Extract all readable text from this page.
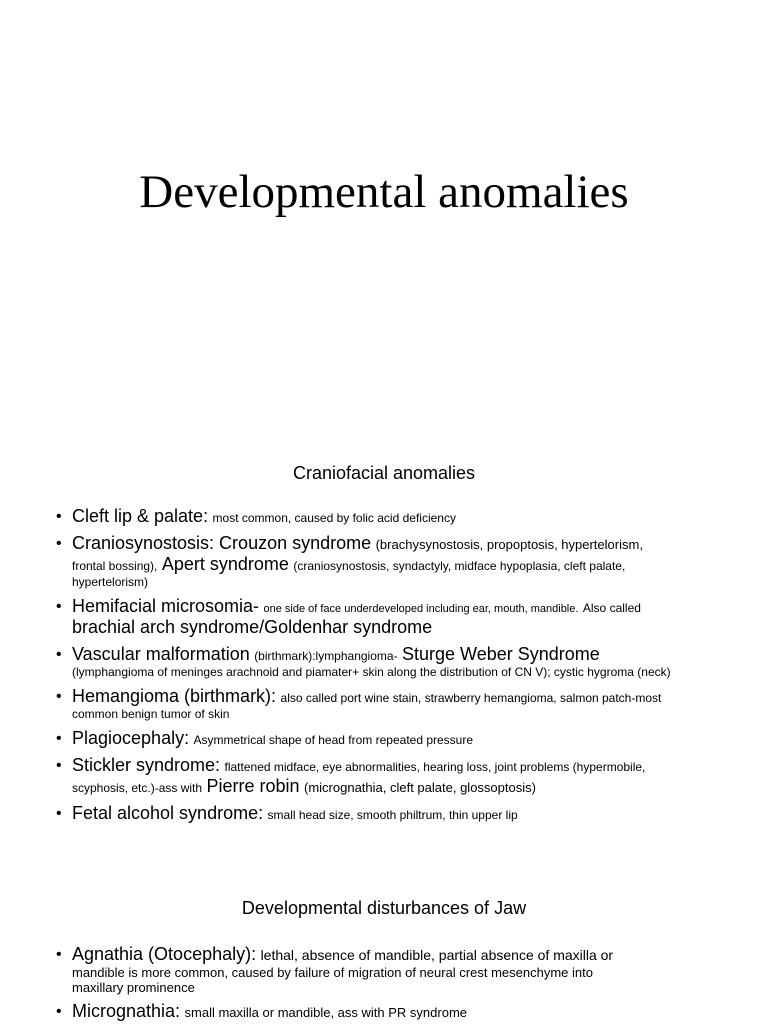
Developmental anomalies
Craniofacial anomalies
• Cleft lip & palate: most common, caused by folic acid deficiency
• Craniosynostosis: Crouzon syndrome (brachysynostosis, propoptosis, hypertelorism,
frontal bossing), Apert syndrome (craniosynostosis, syndactyly, midface hypoplasia, cleft palate,
hypertelorism)
• Hemifacial microsomia- one side of face underdeveloped including ear, mouth, mandible. Also called
brachial arch syndrome/Goldenhar syndrome
• Vascular malformation (birthmark):lymphangioma- Sturge Weber Syndrome
(lymphangioma of meninges arachnoid and piamater+ skin along the distribution of CN V); cystic hygroma (neck)
• Hemangioma (birthmark): also called port wine stain, strawberry hemangioma, salmon patch-most
common benign tumor of skin
• Plagiocephaly: Asymmetrical shape of head from repeated pressure
• Stickler syndrome: flattened midface, eye abnormalities, hearing loss, joint problems (hypermobile,
scyphosis, etc.)-ass with Pierre robin (micrognathia, cleft palate, glossoptosis)
• Fetal alcohol syndrome: small head size, smooth philtrum, thin upper lip
Developmental disturbances of Jaw
• Agnathia (Otocephaly): lethal, absence of mandible, partial absence of maxilla or
mandible is more common, caused by failure of migration of neural crest mesenchyme into
maxillary prominence
• Micrognathia: small maxilla or mandible, ass with PR syndrome
